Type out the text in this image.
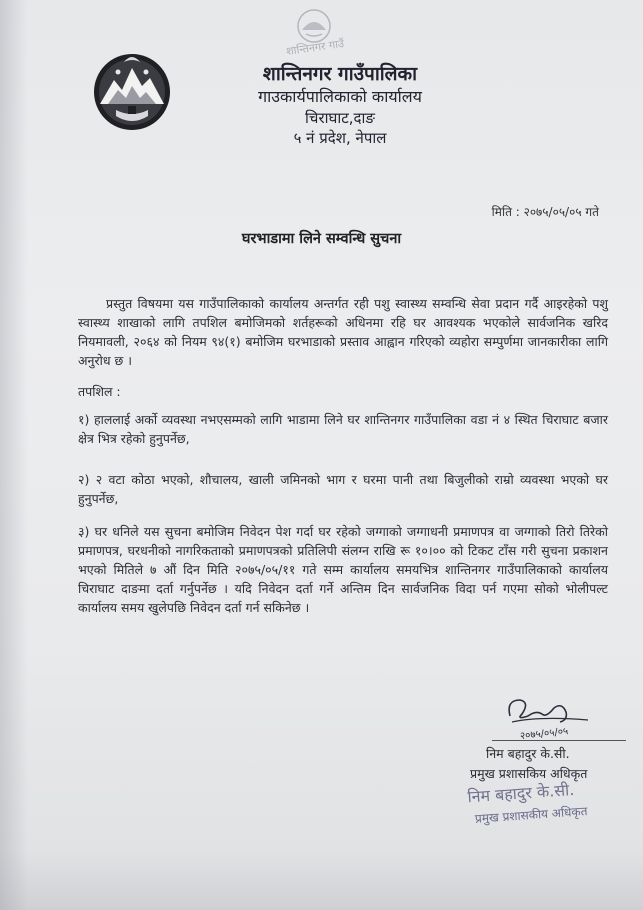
शान्तिनगर गाउँ
शान्तिनगर गाउँपालिका
गाउकार्यपालिकाको कार्यालय
चिराघाट,दाङ
५ नं प्रदेश, नेपाल
मिति : २०७५/०५/०५ गते
घरभाडामा लिने सम्वन्धि सुचना
प्रस्तुत विषयमा यस गाउँपालिकाको कार्यालय अन्तर्गत रही पशु स्वास्थ्य सम्वन्धि सेवा प्रदान गर्दै आइरहेको पशु स्वास्थ्य शाखाको लागि तपशिल बमोजिमको शर्तहरूको अधिनमा रहि घर आवश्यक भएकोले सार्वजनिक खरिद नियमावली, २०६४ को नियम ९४(१) बमोजिम घरभाडाको प्रस्ताव आह्वान गरिएको व्यहोरा सम्पुर्णमा जानकारीका लागि अनुरोध छ ।
तपशिल :
१) हाललाई अर्को व्यवस्था नभएसम्मको लागि भाडामा लिने घर शान्तिनगर गाउँपालिका वडा नं ४ स्थित चिराघाट बजार क्षेत्र भित्र रहेको हुनुपर्नेछ,
२) २ वटा कोठा भएको, शौचालय, खाली जमिनको भाग र घरमा पानी तथा बिजुलीको राम्रो व्यवस्था भएको घर हुनुपर्नेछ,
३) घर धनिले यस सुचना बमोजिम निवेदन पेश गर्दा घर रहेको जग्गाको जग्गाधनी प्रमाणपत्र वा जग्गाको तिरो तिरेको प्रमाणपत्र, घरधनीको नागरिकताको प्रमाणपत्रको प्रतिलिपी संलग्न राखि रू १०।०० को टिकट टाँस गरी सुचना प्रकाशन भएको मितिले ७ औं दिन मिति २०७५/०५/११ गते सम्म कार्यालय समयभित्र शान्तिनगर गाउँपालिकाको कार्यालय चिराघाट दाङमा दर्ता गर्नुपर्नेछ । यदि निवेदन दर्ता गर्ने अन्तिम दिन सार्वजनिक विदा पर्न गएमा सोको भोलीपल्ट कार्यालय समय खुलेपछि निवेदन दर्ता गर्न सकिनेछ ।
२०७५/०५/०५
निम बहादुर के.सी.
प्रमुख प्रशासकिय अधिकृत
निम बहादुर के.सी.
प्रमुख प्रशासकीय अधिकृत
